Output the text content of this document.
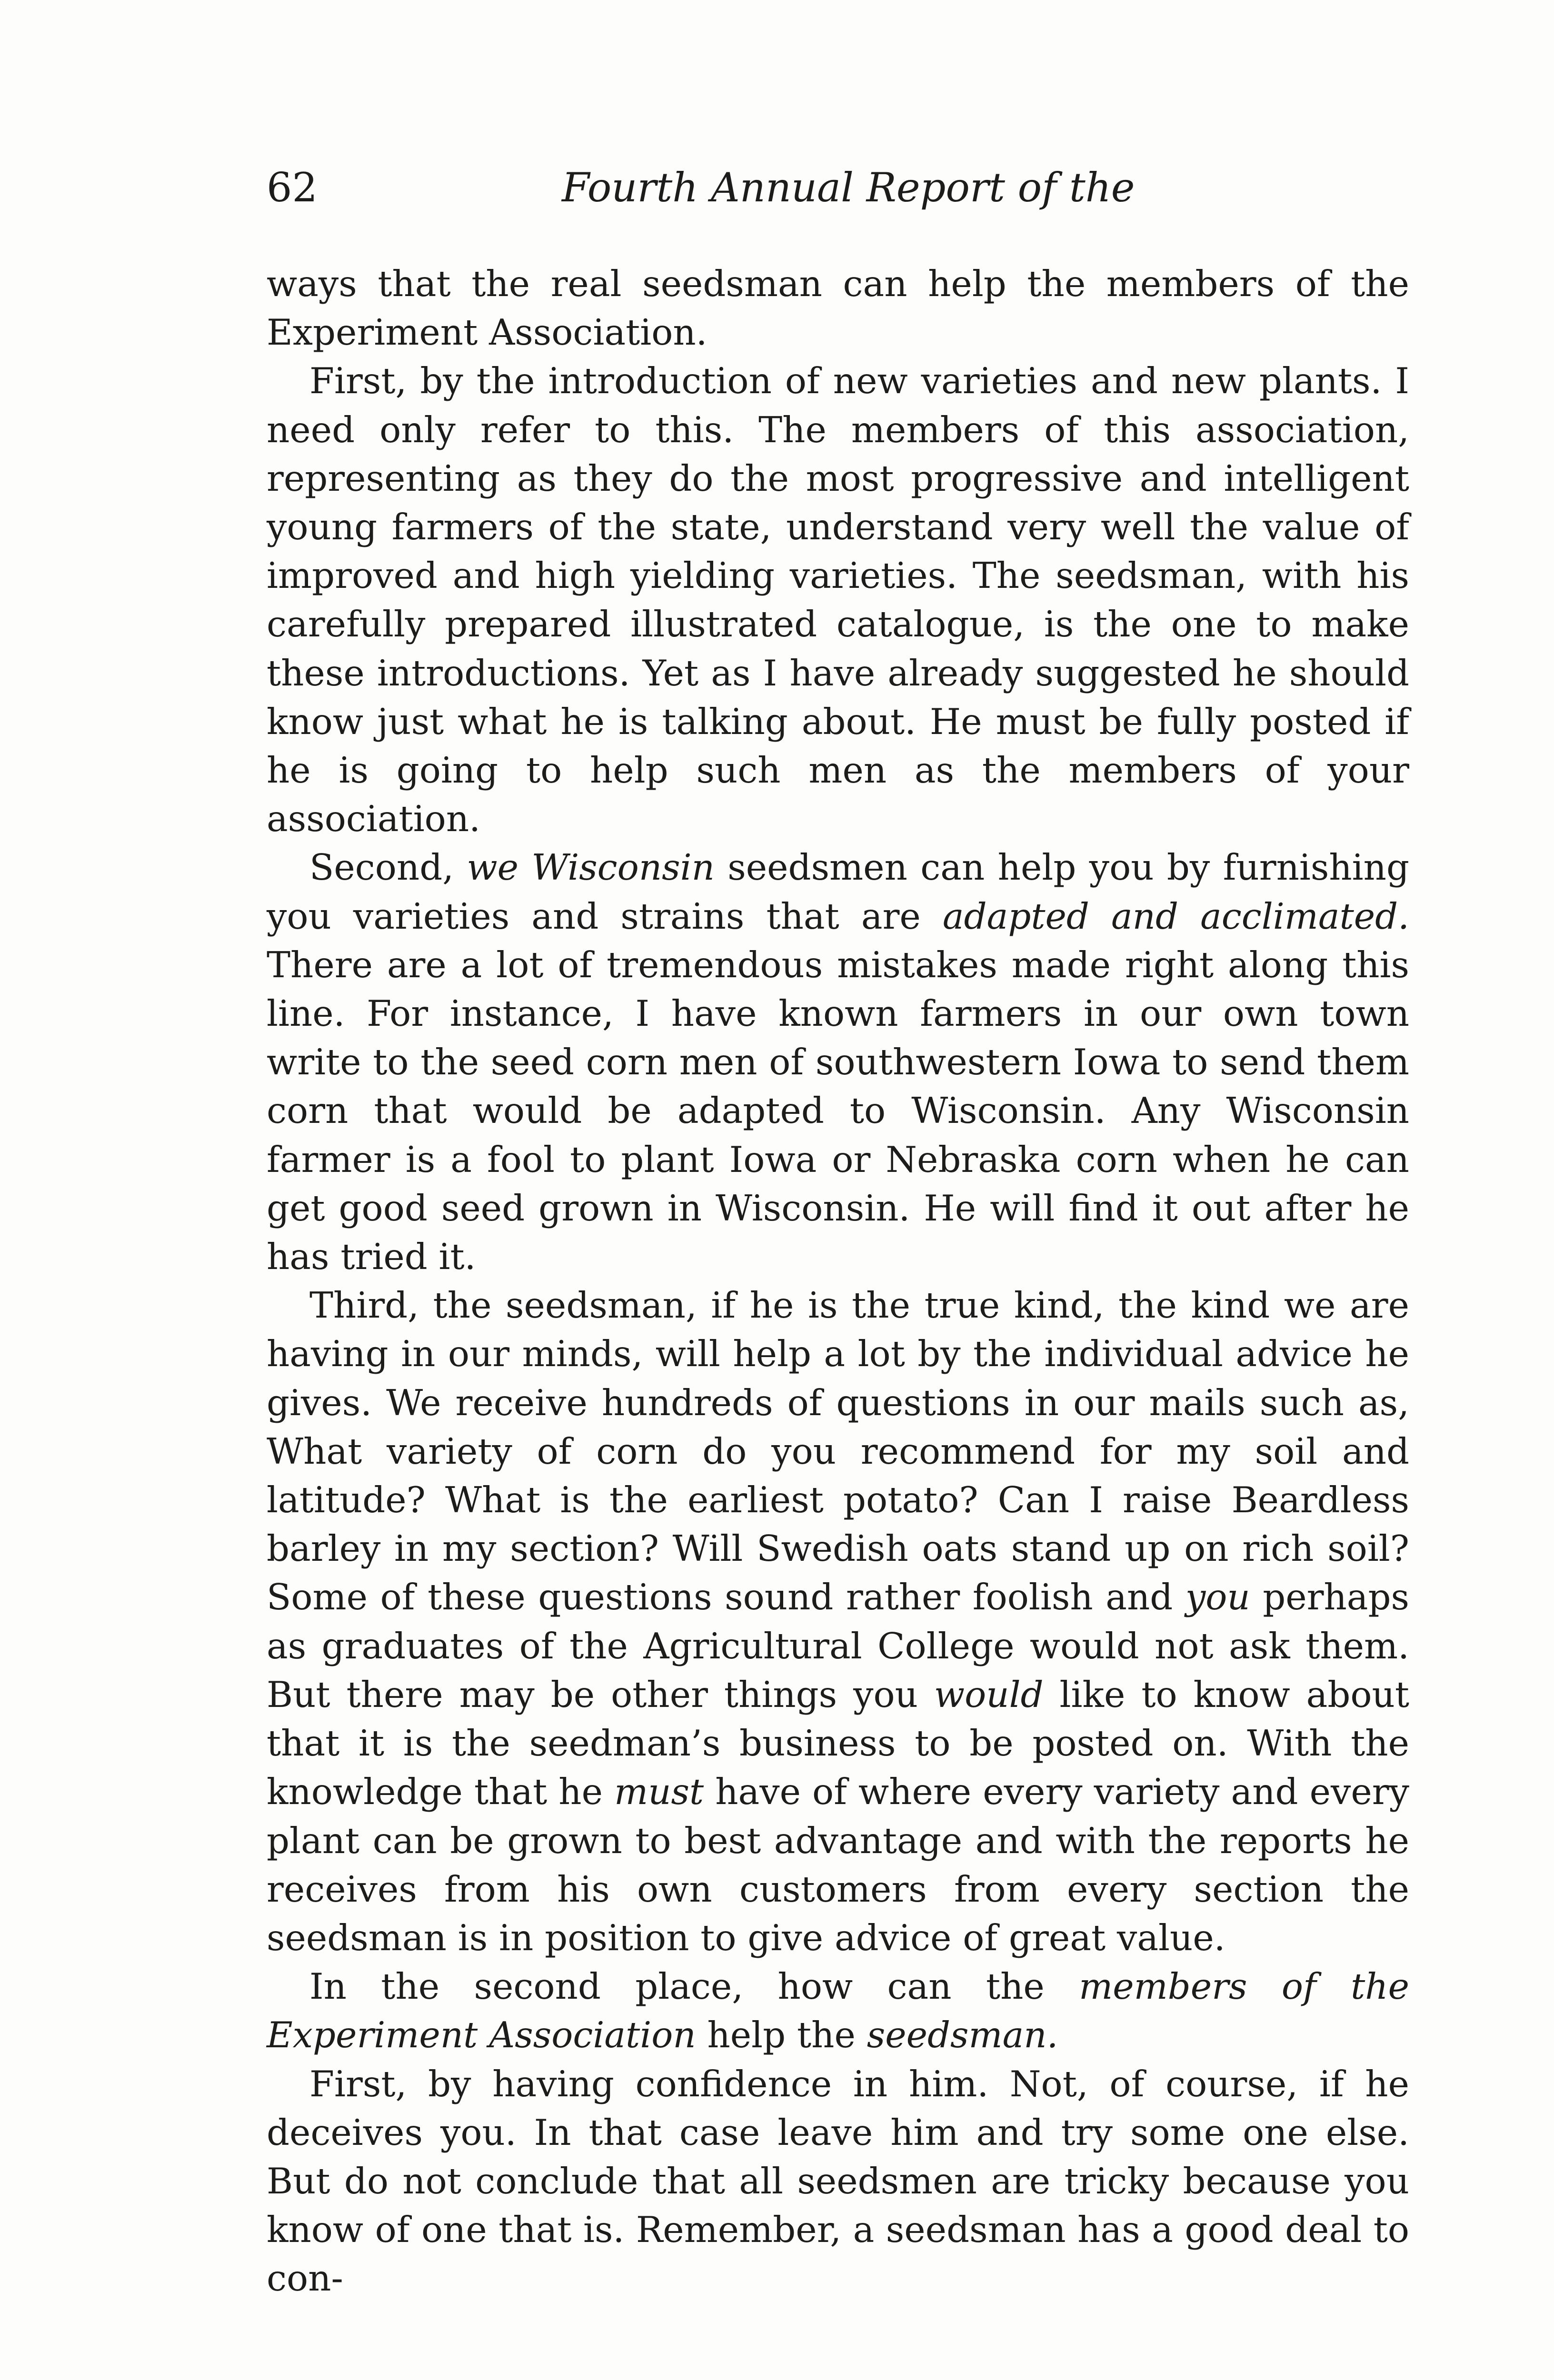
62	Fourth Annual Report of the

ways that the real seedsman can help the members of the Experiment Association.

First, by the introduction of new varieties and new plants. I need only refer to this. The members of this association, representing as they do the most progressive and intelligent young farmers of the state, understand very well the value of improved and high yielding varieties. The seedsman, with his carefully prepared illustrated catalogue, is the one to make these introductions. Yet as I have already suggested he should know just what he is talking about. He must be fully posted if he is going to help such men as the members of your association.

Second, we Wisconsin seedsmen can help you by furnishing you varieties and strains that are adapted and acclimated. There are a lot of tremendous mistakes made right along this line. For instance, I have known farmers in our own town write to the seed corn men of southwestern Iowa to send them corn that would be adapted to Wisconsin. Any Wisconsin farmer is a fool to plant Iowa or Nebraska corn when he can get good seed grown in Wisconsin. He will find it out after he has tried it.

Third, the seedsman, if he is the true kind, the kind we are having in our minds, will help a lot by the individual advice he gives. We receive hundreds of questions in our mails such as, What variety of corn do you recommend for my soil and latitude? What is the earliest potato? Can I raise Beardless barley in my section? Will Swedish oats stand up on rich soil? Some of these questions sound rather foolish and you perhaps as graduates of the Agricultural College would not ask them. But there may be other things you would like to know about that it is the seedman’s business to be posted on. With the knowledge that he must have of where every variety and every plant can be grown to best advantage and with the reports he receives from his own customers from every section the seedsman is in position to give advice of great value.

In the second place, how can the members of the Experiment Association help the seedsman.

First, by having confidence in him. Not, of course, if he deceives you. In that case leave him and try some one else. But do not conclude that all seedsmen are tricky because you know of one that is. Remember, a seedsman has a good deal to con-
